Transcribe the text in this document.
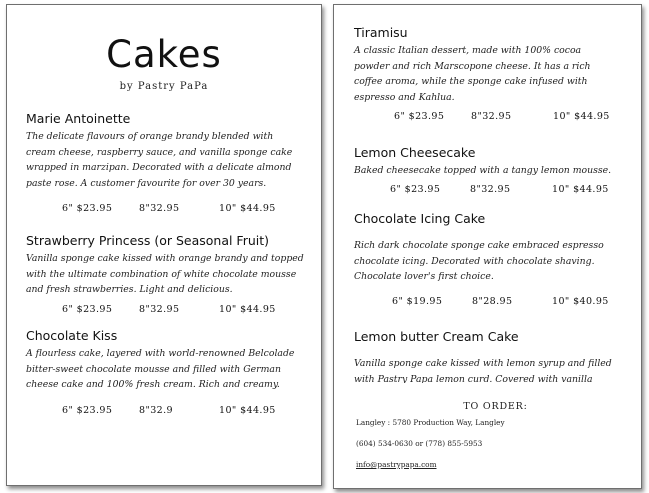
Cakes
by Pastry PaPa

Marie Antoinette

The delicate flavours of orange brandy blended with
cream cheese, raspberry sauce, and vanilla sponge cake
wrapped in marzipan. Decorated with a delicate almond
paste rose. A customer favourite for over 30 years.

6" $23.95	8"32.95	10" $44.95

Strawberry Princess (or Seasonal Fruit)

Vanilla sponge cake kissed with orange brandy and topped
with the ultimate combination of white chocolate mousse
and fresh strawberries. Light and delicious.

6" $23.95	8"32.95	10" $44.95

Chocolate Kiss

A flourless cake, layered with world-renowned Belcolade
bitter-sweet chocolate mousse and filled with German
cheese cake and 100% fresh cream. Rich and creamy.

6" $23.95	8"32.9	10" $44.95

Tiramisu

A classic Italian dessert, made with 100% cocoa
powder and rich Marscopone cheese. It has a rich
coffee aroma, while the sponge cake infused with
espresso and Kahlua.

6" $23.95	8"32.95	10" $44.95

Lemon Cheesecake

Baked cheesecake topped with a tangy lemon mousse.

6" $23.95	8"32.95	10" $44.95

Chocolate Icing Cake

Rich dark chocolate sponge cake embraced espresso
chocolate icing. Decorated with chocolate shaving.
Chocolate lover's first choice.

6" $19.95	8"28.95	10" $40.95

Lemon butter Cream Cake

Vanilla sponge cake kissed with lemon syrup and filled
with Pastry Papa lemon curd. Covered with vanilla

TO ORDER:

Langley : 5780 Production Way, Langley

(604) 534-0630 or (778) 855-5953

info@pastrypapa.com
